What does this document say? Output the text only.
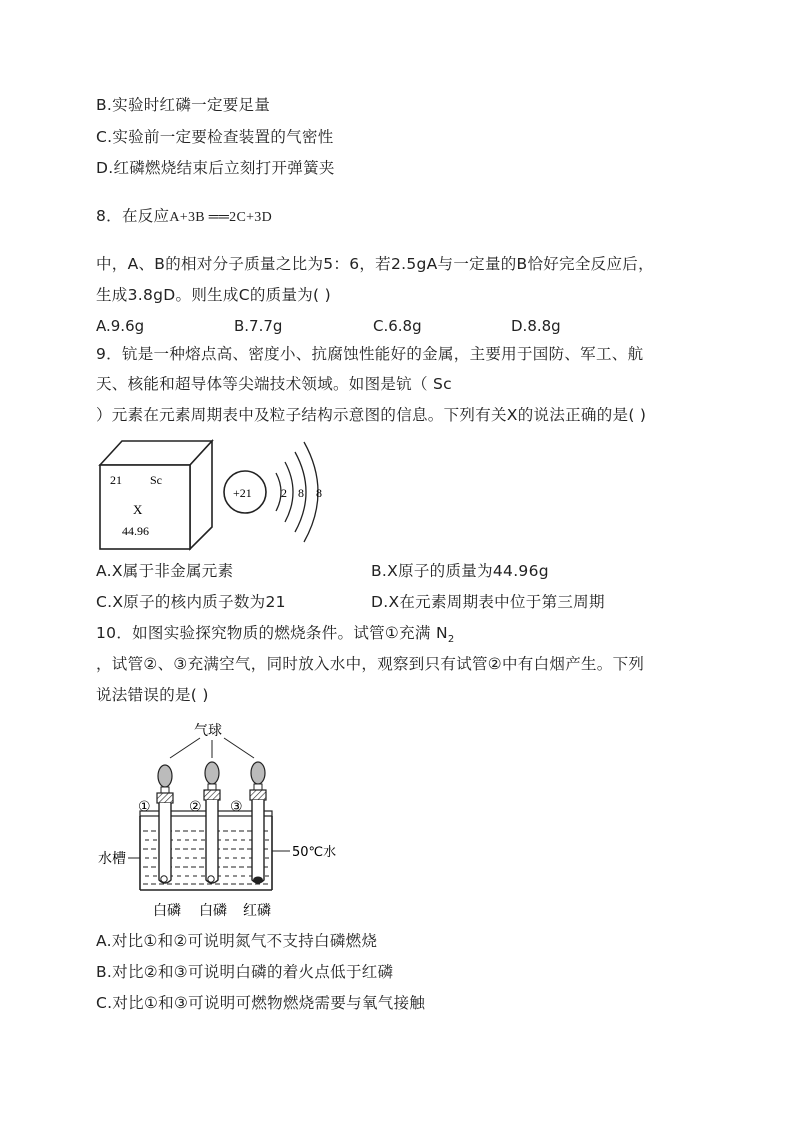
B.实验时红磷一定要足量
C.实验前一定要检查装置的气密性
D.红磷燃烧结束后立刻打开弹簧夹
8．在反应A+3B ══2C+3D
中，A、B的相对分子质量之比为5：6，若2.5gA与一定量的B恰好完全反应后，
生成3.8gD。则生成C的质量为( )
A.9.6g	B.7.7g	C.6.8g	D.8.8g
9．钪是一种熔点高、密度小、抗腐蚀性能好的金属，主要用于国防、军工、航
天、核能和超导体等尖端技术领域。如图是钪（ Sc
）元素在元素周期表中及粒子结构示意图的信息。下列有关X的说法正确的是( )
21 Sc
X
44.96
+21 2 8 8
A.X属于非金属元素	B.X原子的质量为44.96g
C.X原子的核内质子数为21	D.X在元素周期表中位于第三周期
10．如图实验探究物质的燃烧条件。试管①充满 $N_2$
，试管②、③充满空气，同时放入水中，观察到只有试管②中有白烟产生。下列
说法错误的是( )
气球
①	② ③
水槽	50℃水
白磷 白磷 红磷
A.对比①和②可说明氮气不支持白磷燃烧
B.对比②和③可说明白磷的着火点低于红磷
C.对比①和③可说明可燃物燃烧需要与氧气接触
